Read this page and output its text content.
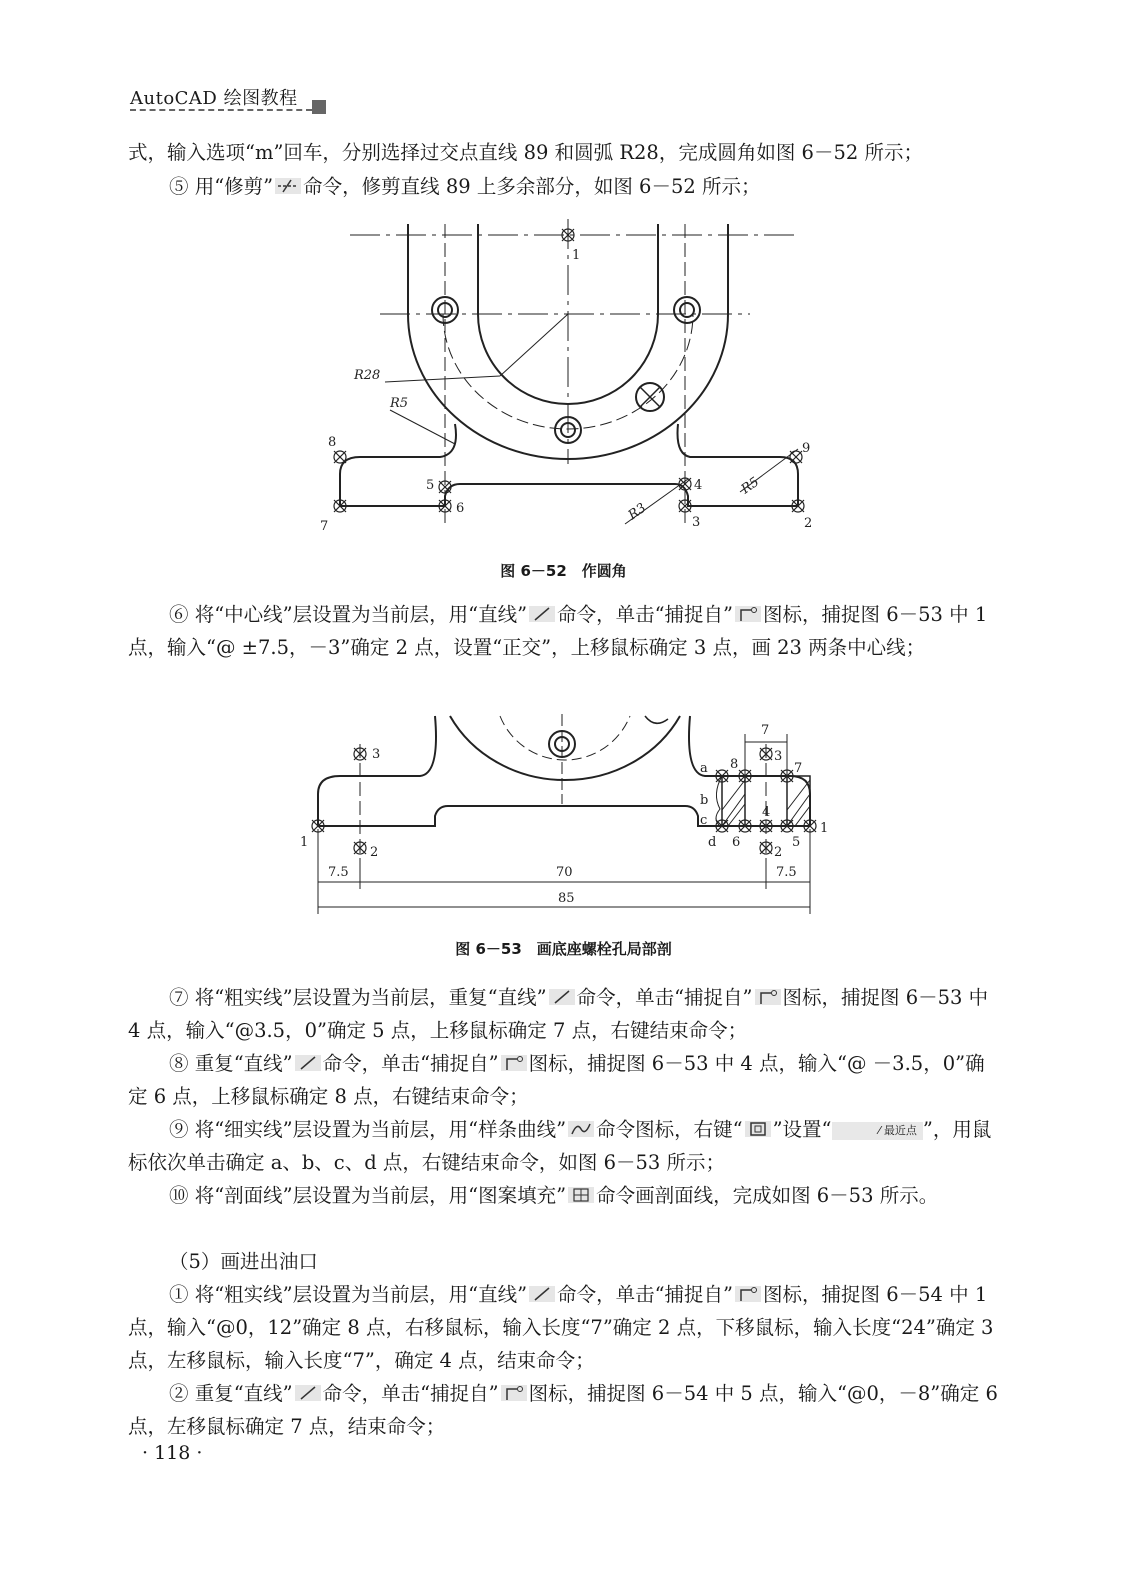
AutoCAD 绘图教程

式，输入选项“m”回车，分别选择过交点直线 89 和圆弧 R28，完成圆角如图 6－52 所示；

⑤ 用“修剪” 命令，修剪直线 89 上多余部分，如图 6－52 所示；

1
2
3
4
5
6
7
8	9
R28
R5
R5
R3
图 6－52　作圆角

⑥ 将“中心线”层设置为当前层，用“直线” 命令，单击“捕捉自” 图标，捕捉图 6－53 中 1 点，输入“@ ±7.5，－3”确定 2 点，设置“正交”，上移鼠标确定 3 点，画 23 两条中心线；

1
1
2	2
3	3
4
5
6
7
8
a
b
c
d
7
7.5	70	7.5
85
图 6－53　画底座螺栓孔局部剖

⑦ 将“粗实线”层设置为当前层，重复“直线” 命令，单击“捕捉自” 图标，捕捉图 6－53 中 4 点，输入“@3.5，0”确定 5 点，上移鼠标确定 7 点，右键结束命令；

⑧ 重复“直线” 命令，单击“捕捉自” 图标，捕捉图 6－53 中 4 点，输入“@ －3.5，0”确定 6 点，上移鼠标确定 8 点，右键结束命令；

⑨ 将“细实线”层设置为当前层，用“样条曲线” 命令图标，右键“ ”设置“	⁄ 最近点 ”，用鼠标依次单击确定 a、b、c、d 点，右键结束命令，如图 6－53 所示；

⑩ 将“剖面线”层设置为当前层，用“图案填充” 命令画剖面线，完成如图 6－53 所示。

（5）画进出油口

① 将“粗实线”层设置为当前层，用“直线” 命令，单击“捕捉自” 图标，捕捉图 6－54 中 1 点，输入“@0，12”确定 8 点，右移鼠标，输入长度“7”确定 2 点，下移鼠标，输入长度“24”确定 3 点，左移鼠标，输入长度“7”，确定 4 点，结束命令；

② 重复“直线” 命令，单击“捕捉自” 图标，捕捉图 6－54 中 5 点，输入“@0，－8”确定 6 点，左移鼠标确定 7 点，结束命令；

· 118 ·
